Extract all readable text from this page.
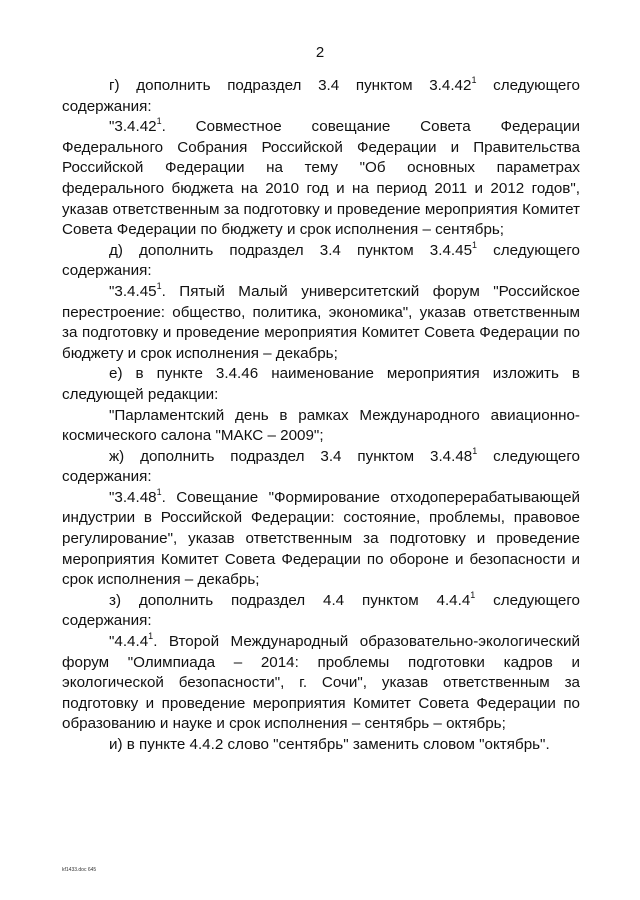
2

г) дополнить подраздел 3.4 пунктом 3.4.42$^1$ следующего содержания:

"3.4.42$^1$. Совместное совещание Совета Федерации Федерального Собрания Российской Федерации и Правительства Российской Федерации на тему "Об основных параметрах федерального бюджета на 2010 год и на период 2011 и 2012 годов", указав ответственным за подготовку и проведение мероприятия Комитет Совета Федерации по бюджету и срок исполнения – сентябрь;

д) дополнить подраздел 3.4 пунктом 3.4.45$^1$ следующего содержания:

"3.4.45$^1$. Пятый Малый университетский форум "Российское перестроение: общество, политика, экономика", указав ответственным за подготовку и проведение мероприятия Комитет Совета Федерации по бюджету и срок исполнения – декабрь;

е) в пункте 3.4.46 наименование мероприятия изложить в следующей редакции:

"Парламентский день в рамках Международного авиационно-космического салона "МАКС – 2009";

ж) дополнить подраздел 3.4 пунктом 3.4.48$^1$ следующего содержания:

"3.4.48$^1$. Совещание "Формирование отходоперерабатывающей индустрии в Российской Федерации: состояние, проблемы, правовое регулирование", указав ответственным за подготовку и проведение мероприятия Комитет Совета Федерации по обороне и безопасности и срок исполнения – декабрь;

з) дополнить подраздел 4.4 пунктом 4.4.4$^1$ следующего содержания:

"4.4.4$^1$. Второй Международный образовательно-экологический форум "Олимпиада – 2014: проблемы подготовки кадров и экологической безопасности", г. Сочи", указав ответственным за подготовку и проведение мероприятия Комитет Совета Федерации по образованию и науке и срок исполнения – сентябрь – октябрь;

и) в пункте 4.4.2 слово "сентябрь" заменить словом "октябрь".

kf1433.doc 645
